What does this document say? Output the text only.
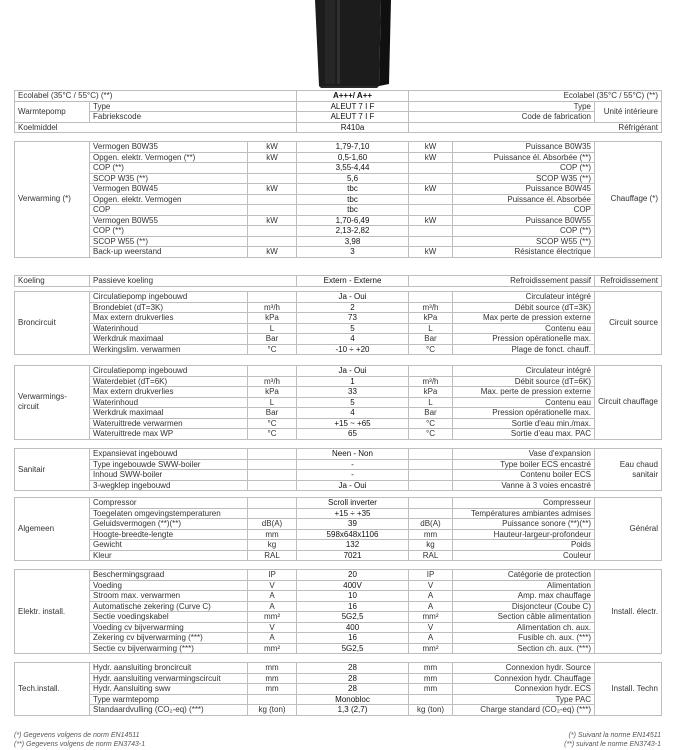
Ecolabel (35°C / 55°C) (**)		A+++/ A++	Ecolabel (35°C / 55°C) (**)	
Warmtepomp	Type	ALEUT 7 I F	Type	Unité intérieure
	Fabriekscode	ALEUT 7 I F	Code de fabrication	
Koelmiddel		R410a	Réfrigérant	
Verwarming (*)	Vermogen B0W35	kW	1,79-7,10	kW	Puissance B0W35	Chauffage (*)
	Opgen. elektr. Vermogen (**)	kW	0,5-1,60	kW	Puissance él. Absorbée (**)	
	COP (**)		3,55-4,44		COP (**)	
	SCOP W35 (**)		5,6		SCOP W35 (**)	
	Vermogen B0W45	kW	tbc	kW	Puissance B0W45	
	Opgen. elektr. Vermogen		tbc		Puissance él. Absorbée	
	COP		tbc		COP	
	Vermogen B0W55	kW	1,70-6,49	kW	Puissance B0W55	
	COP (**)		2,13-2,82		COP (**)	
	SCOP W55 (**)		3,98		SCOP W55 (**)	
	Back-up weerstand	kW	3	kW	Résistance électrique	
Koeling	Passieve koeling	Extern - Externe	Refroidissement passif	Refroidissement
Broncircuit	Circulatiepomp ingebouwd		Ja - Oui		Circulateur intégré	Circuit source
	Brondebiet (dT=3K)	m³/h	2	m³/h	Débit source (dT=3K)	
	Max extern drukverlies	kPa	73	kPa	Max perte de pression externe	
	Waterinhoud	L	5	L	Contenu eau	
	Werkdruk maximaal	Bar	4	Bar	Pression opérationelle max.	
	Werkingslim. verwarmen	°C	-10 ÷ +20	°C	Plage de fonct. chauff.	
Verwarmings-circuit	Circulatiepomp ingebouwd		Ja - Oui		Circulateur intégré	Circuit chauffage
	Waterdebiet (dT=6K)	m³/h	1	m³/h	Débit source (dT=6K)	
	Max extern drukverlies	kPa	33	kPa	Max. perte de pression externe	
	Waterinhoud	L	5	L	Contenu eau	
	Werkdruk maximaal	Bar	4	Bar	Pression opérationelle max.	
	Wateruittrede verwarmen	°C	+15 ~ +65	°C	Sortie d'eau min./max.	
	Wateruittrede max WP	°C	65	°C	Sortie d'eau max. PAC	
Sanitair	Expansievat ingebouwd		Neen - Non		Vase d'expansion	Eau chaud sanitair
	Type ingebouwde SWW-boiler		-		Type boiler ECS encastré	
	Inhoud SWW-boiler		-		Contenu boiler ECS	
	3-wegklep ingebouwd		Ja - Oui		Vanne à 3 voies encastré	
Algemeen	Compressor		Scroll inverter		Compresseur	Général
	Toegelaten omgevingstemperaturen		+15 ÷ +35		Températures ambiantes admises	
	Geluidsvermogen (**)(**)	dB(A)	39	dB(A)	Puissance sonore (**)(**)	
	Hoogte-breedte-lengte	mm	598x648x1106	mm	Hauteur-largeur-profondeur	
	Gewicht	kg	132	kg	Poids	
	Kleur	RAL	7021	RAL	Couleur	
Elektr. install.	Beschermingsgraad	IP	20	IP	Catégorie de protection	Install. électr.
	Voeding	V	400V	V	Alimentation	
	Stroom max. verwarmen	A	10	A	Amp. max chauffage	
	Automatische zekering (Curve C)	A	16	A	Disjoncteur (Coube C)	
	Sectie voedingskabel	mm²	5G2,5	mm²	Section câble alimentation	
	Voeding cv bijverwarming	V	400	V	Alimentation ch. aux.	
	Zekering cv bijverwarming (***)	A	16	A	Fusible ch. aux. (***)	
	Sectie cv bijverwarming (***)	mm²	5G2,5	mm²	Section ch. aux. (***)	
Tech.install.	Hydr. aansluiting broncircuit	mm	28	mm	Connexion hydr. Source	Install. Techn
	Hydr. aansluiting verwarmingscircuit	mm	28	mm	Connexion hydr. Chauffage	
	Hydr. Aansluiting sww	mm	28	mm	Connexion hydr. ECS	
	Type warmtepomp		Monobloc		Type PAC	
	Standaardvulling (CO₂-eq) (***)	kg (ton)	1,3 (2,7)	kg (ton)	Charge standard (CO₂-eq) (***)	
(*) Gegevens volgens de norm EN14511
(**) Gegevens volgens de norm EN3743-1
(*) Suivant la norme EN14511
(**) suivant le norme EN3743-1
